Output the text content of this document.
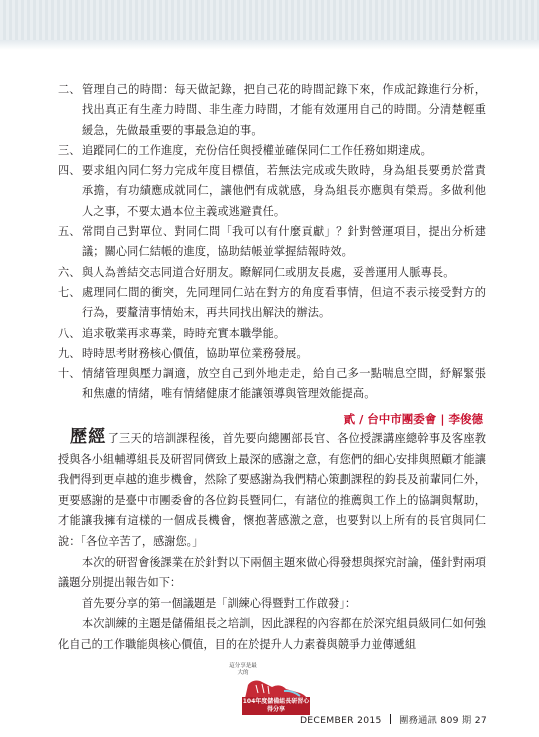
二、 管理自己的時間：每天做記錄，把自己花的時間記錄下來，作成記錄進行分析，找出真正有生產力時間、非生產力時間，才能有效運用自己的時間。分清楚輕重緩急，先做最重要的事最急迫的事。
三、 追蹤同仁的工作進度，充份信任與授權並確保同仁工作任務如期達成。
四、 要求組內同仁努力完成年度目標值，若無法完成或失敗時，身為組長要勇於當責承擔，有功績應成就同仁，讓他們有成就感，身為組長亦應與有榮焉。多做利他人之事，不要太過本位主義或逃避責任。
五、 常問自己對單位、對同仁問「我可以有什麼貢獻」？針對營運項目，提出分析建議；關心同仁結帳的進度，協助結帳並掌握結報時效。
六、 與人為善結交志同道合好朋友。瞭解同仁或朋友長處，妥善運用人脈專長。
七、 處理同仁間的衝突，先同理同仁站在對方的角度看事情，但這不表示接受對方的行為，要釐清事情始末，再共同找出解決的辦法。
八、 追求敬業再求專業，時時充實本職學能。
九、 時時思考財務核心價值，協助單位業務發展。
十、 情緒管理與壓力調適，放空自己到外地走走，給自己多一點喘息空間，紓解緊張和焦慮的情緒，唯有情緒健康才能讓領導與管理效能提高。
貳 / 台中市團委會 | 李俊德

歷經了三天的培訓課程後，首先要向總團部長官、各位授課講座總幹事及客座教授與各小組輔導組長及研習同儕致上最深的感謝之意，有您們的細心安排與照顧才能讓我們得到更卓越的進步機會，然除了要感謝為我們精心策劃課程的鈞長及前輩同仁外，更要感謝的是臺中市團委會的各位鈞長暨同仁，有諸位的推薦與工作上的協調與幫助，才能讓我擁有這樣的一個成長機會，懷抱著感激之意，也要對以上所有的長官與同仁說：「各位辛苦了，感謝您。」

本次的研習會後課業在於針對以下兩個主題來做心得發想與探究討論，僅針對兩項議題分別提出報告如下：

首先要分享的第一個議題是「訓練心得暨對工作啟發」：

本次訓練的主題是儲備組長之培訓，因此課程的內容都在於深究組員級同仁如何強化自己的工作職能與核心價值，目的在於提升人力素養與競爭力並傳遞組

這分享是最大的
104年度儲備組長研習心得分享
DECEMBER 2015 團務通訊 809 期 27
